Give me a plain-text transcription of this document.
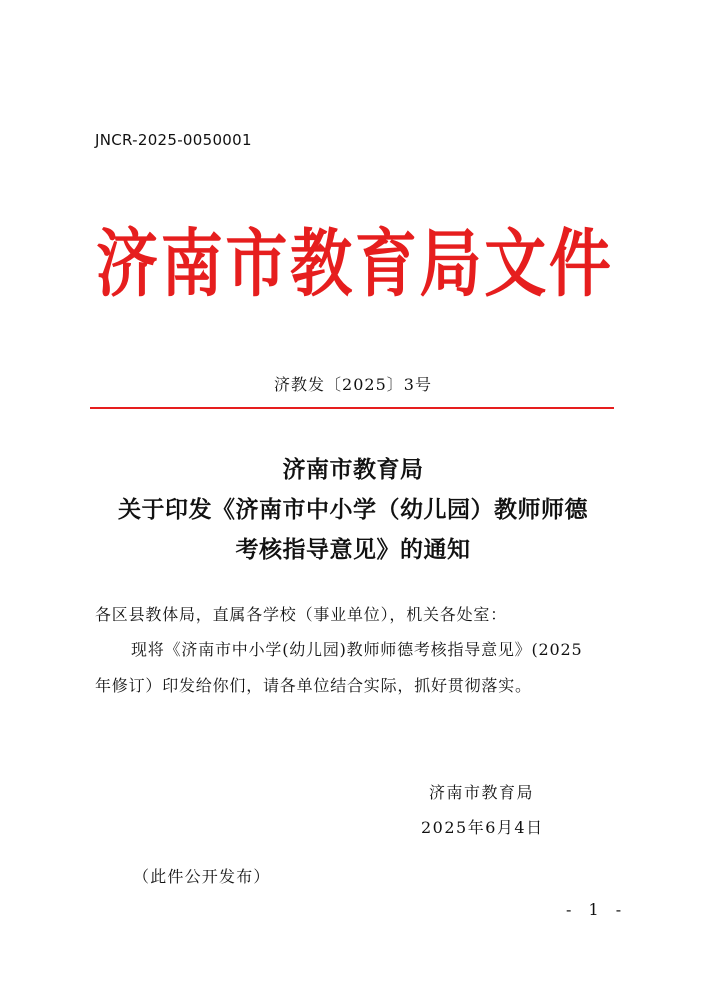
JNCR-2025-0050001
济 南 市 教 育 局 文 件
济教发〔2025〕3号
济南市教育局
关于印发《济南市中小学（幼儿园）教师师德
考核指导意见》的通知
各区县教体局，直属各学校（事业单位），机关各处室：
现将《济南市中小学(幼儿园)教师师德考核指导意见》(2025
年修订）印发给你们，请各单位结合实际，抓好贯彻落实。
济南市教育局
2025年6月4日
（此件公开发布）
- 1 -
